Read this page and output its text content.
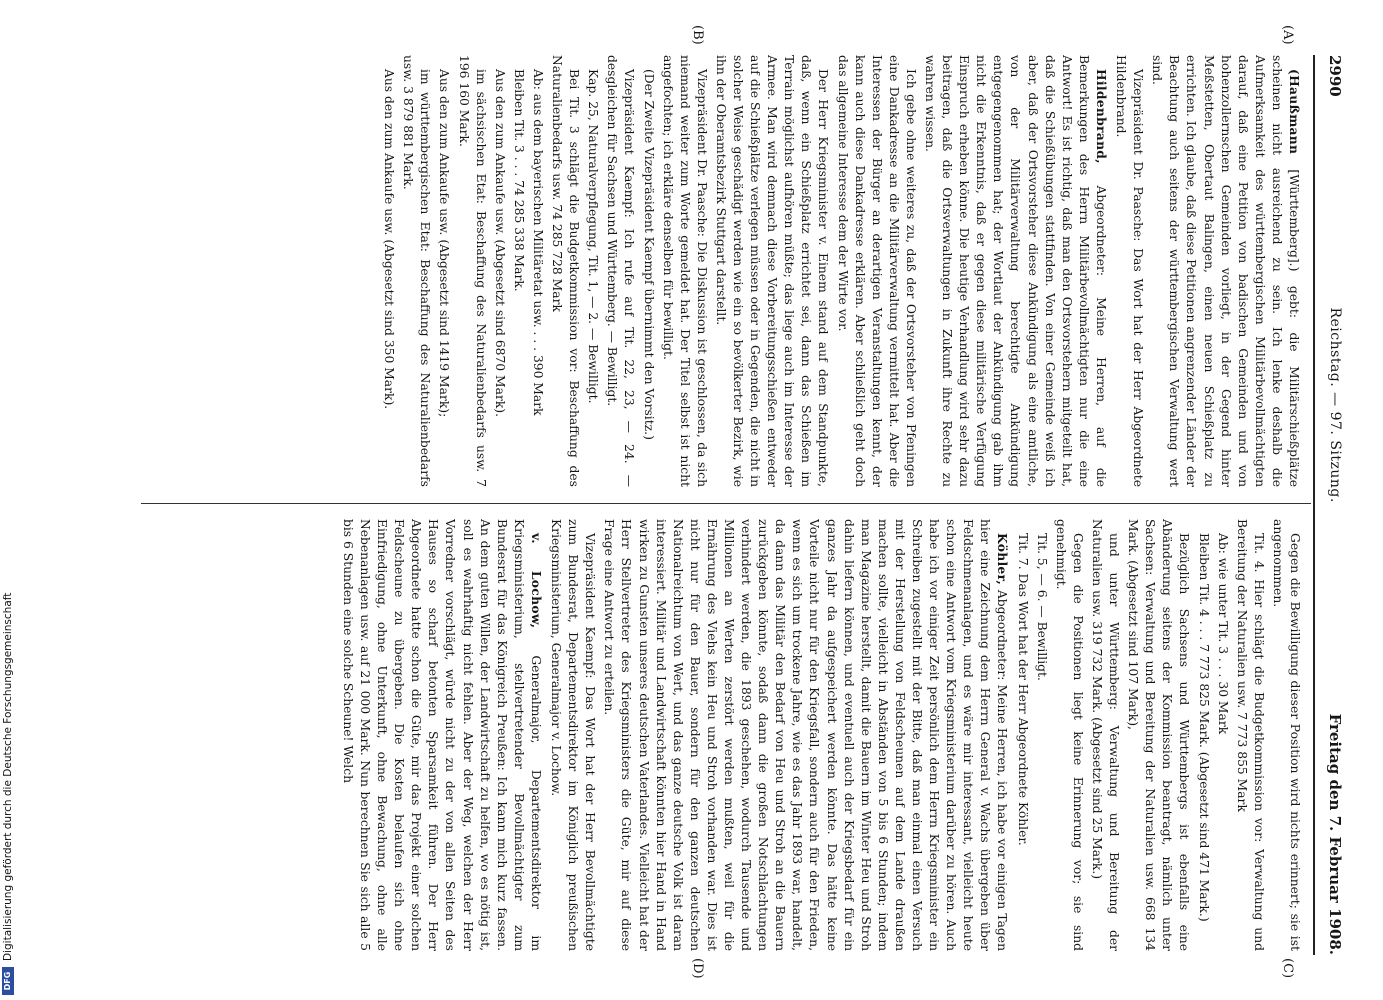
2990
Reichstag. — 97. Sitzung.
Freitag den 7. Februar 1908.

(Haußmann [Württemberg].) gebt: die Militärschießplätze scheinen nicht ausreichend zu sein. Ich lenke deshalb die Aufmerksamkeit des württembergischen Militärbevollmächtigten darauf, daß eine Petition von badischen Gemeinden und von hohenzollernschen Gemeinden vorliegt, in der Gegend hinter Meßstetten, Obertaut Balingen, einen neuen Schießplatz zu errichten. Ich glaube, daß diese Petitionen angrenzender Länder der Beachtung auch seitens der württembergischen Verwaltung wert sind.

Vizepräsident Dr. Paasche: Das Wort hat der Herr Abgeordnete Hildenbrand.

Hildenbrand, Abgeordneter: Meine Herren, auf die Bemerkungen des Herrn Militärbevollmächtigten nur die eine Antwort! Es ist richtig, daß man den Ortsvorstehern mitgeteilt hat, daß die Schießübungen stattfinden. Von einer Gemeinde weiß ich aber, daß der Ortsvorsteher diese Ankündigung als eine amtliche, von der Militärverwaltung berechtigte Ankündigung entgegengenommen hat; der Wortlaut der Ankündigung gab ihm nicht die Erkenntnis, daß er gegen diese militärische Verfügung Einspruch erheben könne. Die heutige Verhandlung wird sehr dazu beitragen, daß die Ortsverwaltungen in Zukunft ihre Rechte zu wahren wissen.

Ich gebe ohne weiteres zu, daß der Ortsvorsteher von Pfeningen eine Dankadresse an die Militärverwaltung vermittelt hat. Aber die Interessen der Bürger an derartigen Veranstaltungen kennt, der kann auch diese Dankadresse erklären. Aber schließlich geht doch das allgemeine Interesse dem der Wirte vor.

Der Herr Kriegsminister v. Einem stand auf dem Standpunkte, daß, wenn ein Schießplatz errichtet sei, dann das Schießen im Terrain möglichst aufhören müßte; das liege auch im Interesse der Armee. Man wird demnach diese Vorbereitungsschießen entweder auf die Schießplätze verlegen müssen oder in Gegenden, die nicht in solcher Weise geschädigt werden wie ein so bevölkerter Bezirk, wie ihn der Oberamtsbezirk Stuttgart darstellt.

Vizepräsident Dr. Paasche: Die Diskussion ist geschlossen, da sich niemand weiter zum Worte gemeldet hat. Der Titel selbst ist nicht angefochten; ich erkläre denselben für bewilligt.

(Der Zweite Vizepräsident Kaempf übernimmt den Vorsitz.)

Vizepräsident Kaempf: Ich rufe auf Tit. 22, 23, — 24. — desgleichen für Sachsen und Württemberg. — Bewilligt.

Kap. 25, Naturalverpflegung, Tit. 1, — 2. — Bewilligt.

Bei Tit. 3 schlägt die Budgetkommission vor: Beschaffung des Naturalienbedarfs usw. 74 285 728 Mark

Ab: aus dem bayerischen Militäretat usw. . . . 390 Mark

Bleiben Tit. 3 . . . 74 285 338 Mark.

Aus den zum Ankaufe usw. (Abgesetzt sind 6870 Mark).

im sächsischen Etat: Beschaffung des Naturalienbedarfs usw. 7 196 160 Mark.

Aus den zum Ankaufe usw. (Abgesetzt sind 1419 Mark);

im württembergischen Etat: Beschaffung des Naturalienbedarfs usw. 3 879 881 Mark.

Aus den zum Ankaufe usw. (Abgesetzt sind 350 Mark).

Gegen die Bewilligung dieser Position wird nichts erinnert; sie ist angenommen.

Tit. 4. Hier schlägt die Budgetkommission vor: Verwaltung und Bereitung der Naturalien usw. 7 773 855 Mark

Ab: wie unter Tit. 3 . . . 30 Mark

Bleiben Tit. 4 . . . 7 773 825 Mark. (Abgesetzt sind 471 Mark.)

Bezüglich Sachsens und Württembergs ist ebenfalls eine Abänderung seitens der Kommission beantragt, nämlich unter Sachsen: Verwaltung und Bereitung der Naturalien usw. 668 134 Mark. (Abgesetzt sind 107 Mark),

und unter Württemberg: Verwaltung und Bereitung der Naturalien usw. 319 732 Mark. (Abgesetzt sind 25 Mark.)

Gegen die Positionen liegt keine Erinnerung vor; sie sind genehmigt.

Tit. 5, — 6. — Bewilligt.

Tit. 7. Das Wort hat der Herr Abgeordnete Köhler.

Köhler, Abgeordneter: Meine Herren, ich habe vor einigen Tagen hier eine Zeichnung dem Herrn General v. Wachs übergeben über Feldschmenanlagen, und es wäre mir interessant, vielleicht heute schon eine Antwort vom Kriegsministerium darüber zu hören. Auch habe ich vor einiger Zeit persönlich dem Herrn Kriegsminister ein Schreiben zugestellt mit der Bitte, daß man einmal einen Versuch mit der Herstellung von Feldscheunen auf dem Lande draußen machen sollte, vielleicht in Abständen von 5 bis 6 Stunden; indem man Magazine herstellt, damit die Bauern im Winter Heu und Stroh dahin liefern können, und eventuell auch der Kriegsbedarf für ein ganzes Jahr da aufgespeichert werden könnte. Das hätte keine Vorteile nicht nur für den Kriegsfall, sondern auch für den Frieden, wenn es sich um trockene Jahre, wie es das Jahr 1893 war, handelt, da dann das Militär den Bedarf von Heu und Stroh an die Bauern zurückgeben könnte, sodaß dann die großen Notschlachtungen verhindert werden, die 1893 geschehen, wodurch Tausende und Millionen an Werten zerstört werden mußten, weil für die Ernährung des Viehs kein Heu und Stroh vorhanden war. Dies ist nicht nur für den Bauer, sondern für den ganzen deutschen Nationalreichtum von Wert, und das ganze deutsche Volk ist daran interessiert. Militär und Landwirtschaft könnten hier Hand in Hand wirken zu Gunsten unseres deutschen Vaterlandes. Vielleicht hat der Herr Stellvertreter des Kriegsministers die Güte, mir auf diese Frage eine Antwort zu erteilen.

Vizepräsident Kaempf: Das Wort hat der Herr Bevollmächtigte zum Bundesrat, Departementsdirektor im Königlich preußischen Kriegsministerium, Generalmajor v. Lochow.

v. Lochow, Generalmajor, Departementsdirektor im Kriegsministerium, stellvertretender Bevollmächtigter zum Bundesrat für das Königreich Preußen: Ich kann mich kurz fassen. An dem guten Willen, der Landwirtschaft zu helfen, wo es nötig ist, soll es wahrhaftig nicht fehlen. Aber der Weg, welchen der Herr Vorredner vorschlägt, würde nicht zu der von allen Seiten des Hauses so scharf betonten Sparsamkeit führen. Der Herr Abgeordnete hatte schon die Güte, mir das Projekt einer solchen Feldscheune zu übergeben. Die Kosten belaufen sich ohne Einfriedigung, ohne Unterkunft, ohne Bewachung, ohne alle Nebenanlagen usw. auf 21 000 Mark. Nun berechnen Sie sich alle 5 bis 6 Stunden eine solche Scheune! Welch

(A)
(B)
(C)
(D)
DFG
Digitalisierung gefördert durch die Deutsche Forschungsgemeinschaft
